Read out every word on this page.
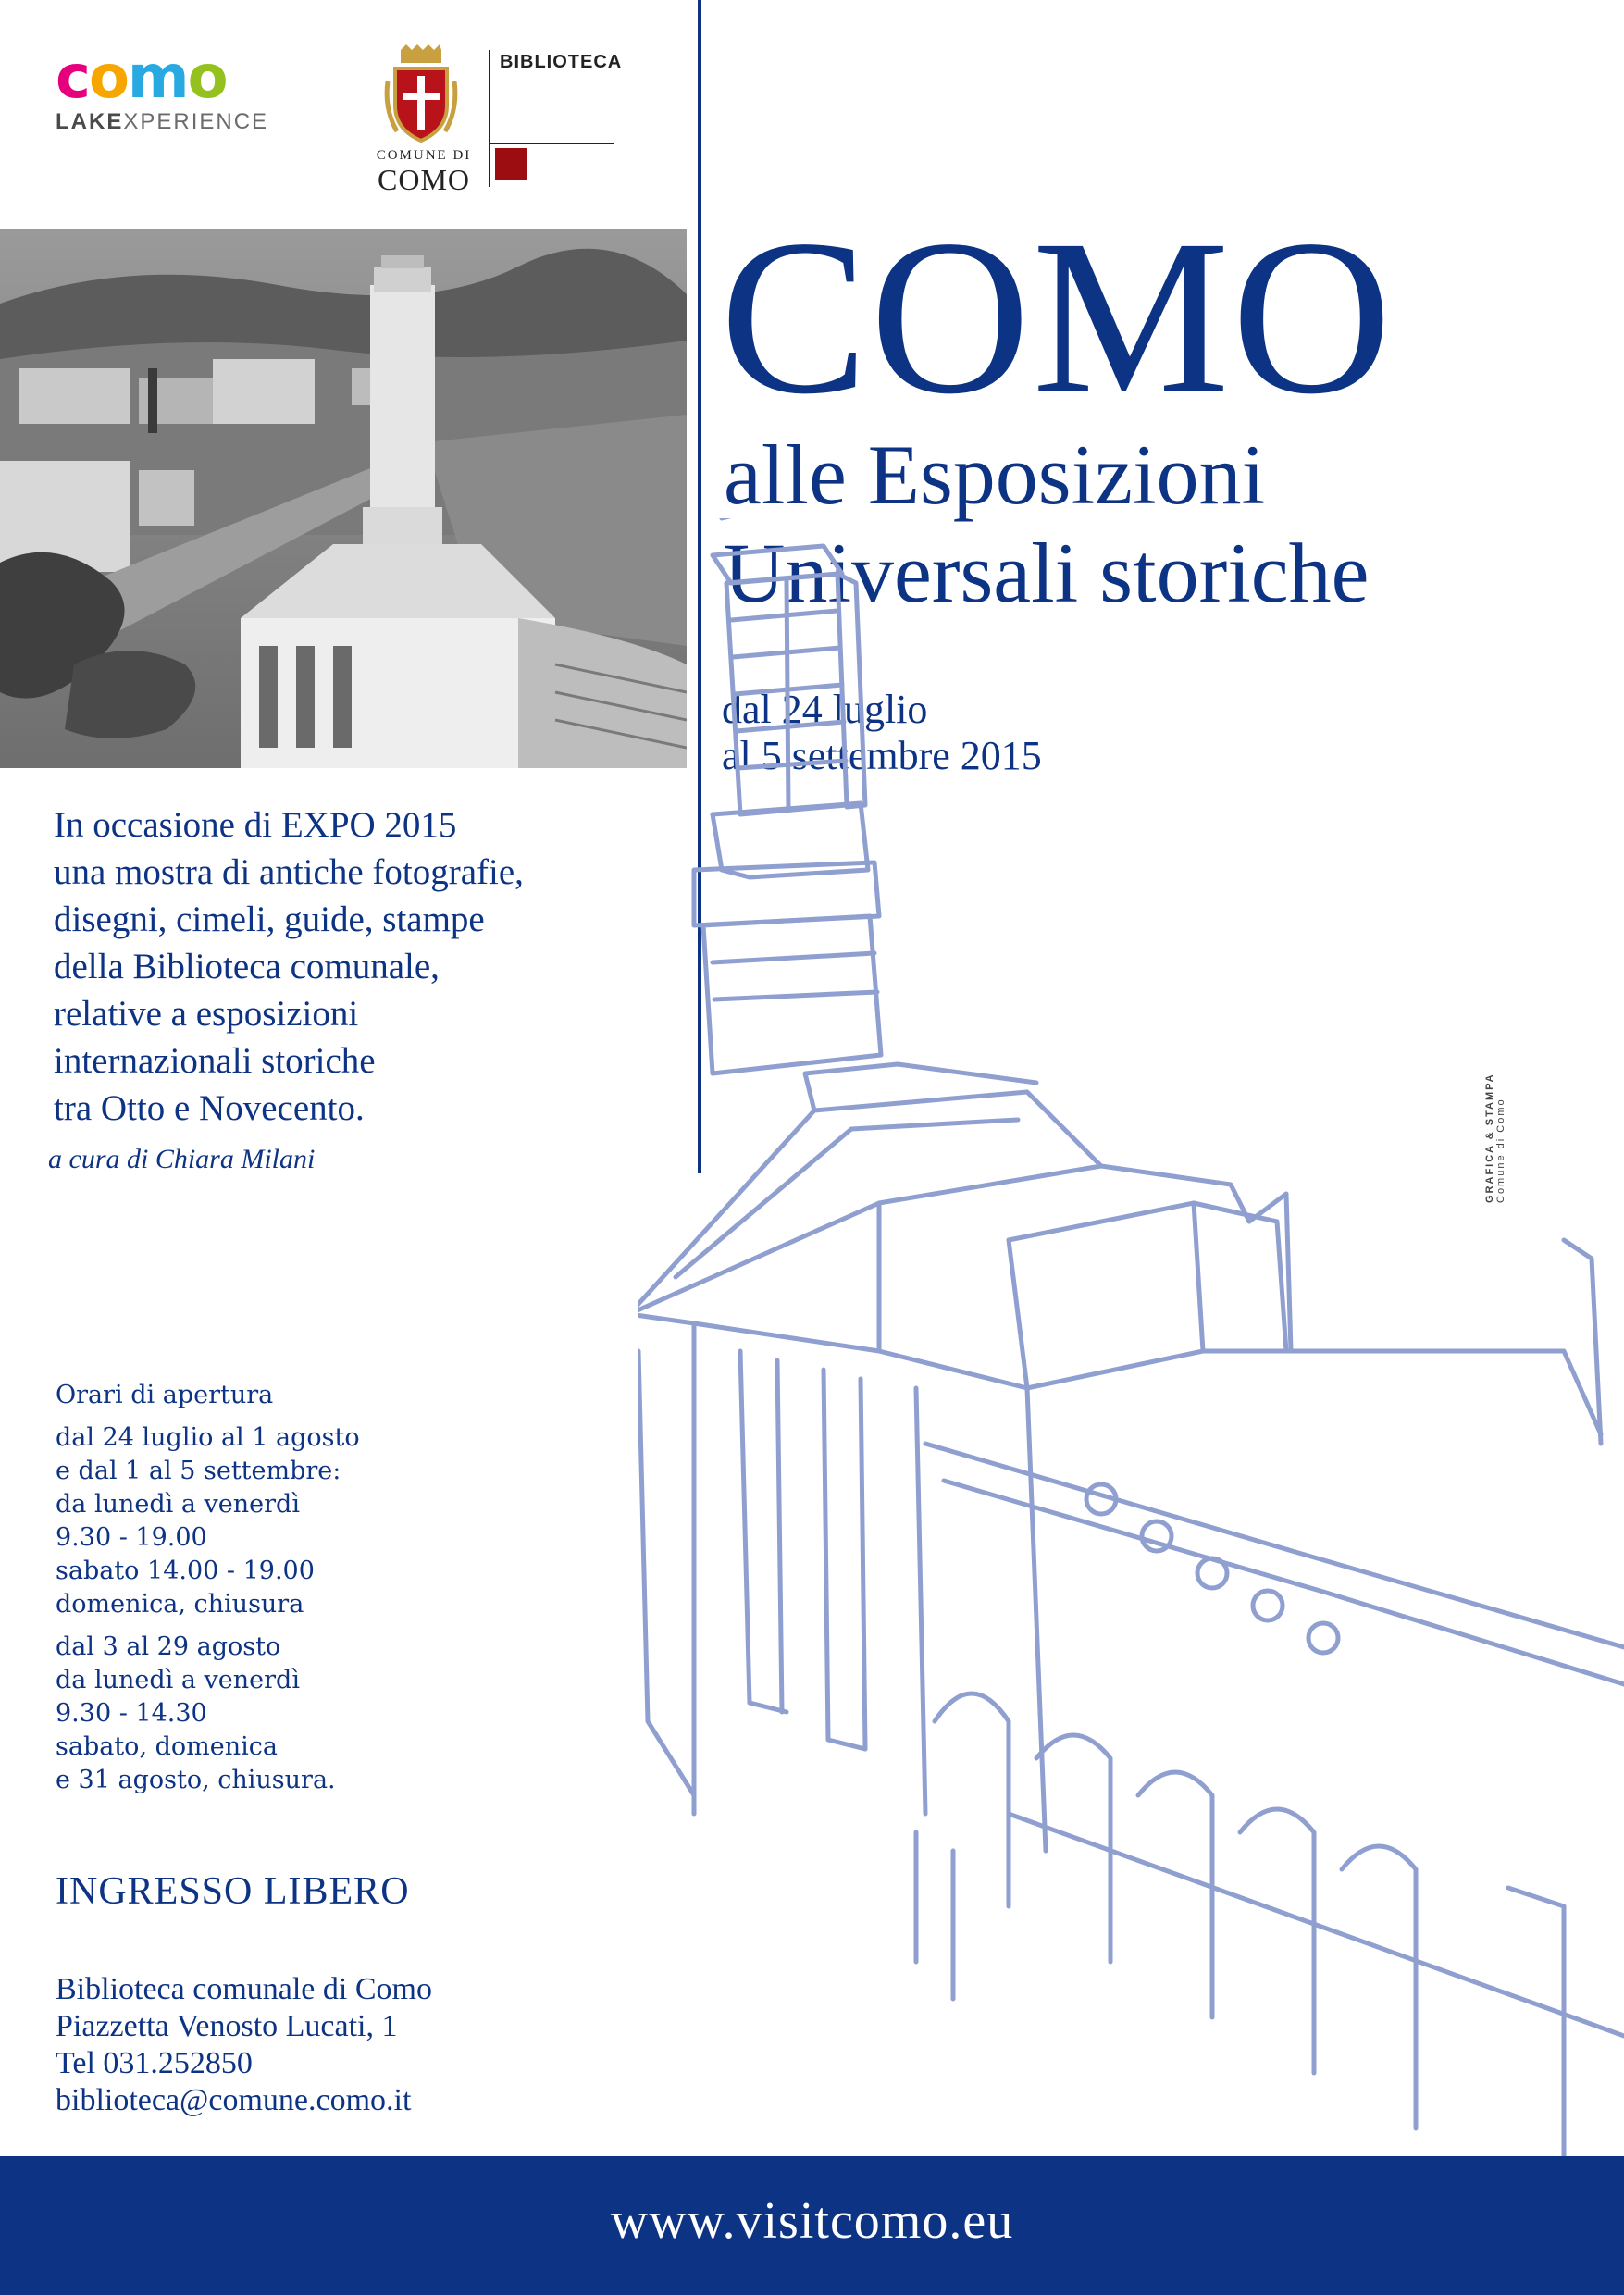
como
LAKEXPERIENCE
COMUNE DI
COMO
BIBLIOTECA
COMO
alle Esposizioni
Universali storiche
dal 24 luglio
al 5 settembre 2015
In occasione di EXPO 2015
una mostra di antiche fotografie,
disegni, cimeli, guide, stampe
della Biblioteca comunale,
relative a esposizioni
internazionali storiche
tra Otto e Novecento.
a cura di Chiara Milani	GRAFICA & STAMPA Comune di Como
Orari di apertura
dal 24 luglio al 1 agosto
e dal 1 al 5 settembre:
da lunedì a venerdì
9.30 - 19.00
sabato 14.00 - 19.00
domenica, chiusura
dal 3 al 29 agosto
da lunedì a venerdì
9.30 - 14.30
sabato, domenica
e 31 agosto, chiusura.
INGRESSO LIBERO
Biblioteca comunale di Como
Piazzetta Venosto Lucati, 1
Tel 031.252850
biblioteca@comune.como.it
www.visitcomo.eu
